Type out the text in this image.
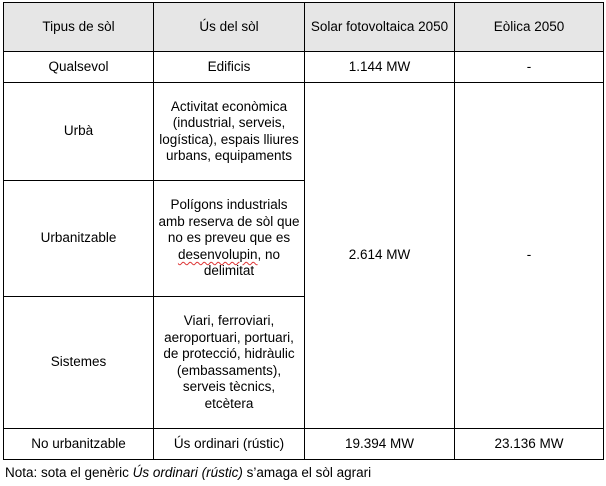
Tipus de sòl	Ús del sòl	Solar fotovoltaica 2050	Eòlica 2050
Qualsevol	Edificis	1.144 MW	-
Urbà	Activitat econòmica (industrial, serveis, logística), espais lliures urbans, equipaments	2.614 MW	-
Urbanitzable	Polígons industrials amb reserva de sòl que no es preveu que es desenvolupin, no delimitat		
Sistemes	Viari, ferroviari, aeroportuari, portuari, de protecció, hidràulic (embassaments), serveis tècnics, etcètera		
No urbanitzable	Ús ordinari (rústic)	19.394 MW	23.136 MW
Nota: sota el genèric Ús ordinari (rústic) s’amaga el sòl agrari
